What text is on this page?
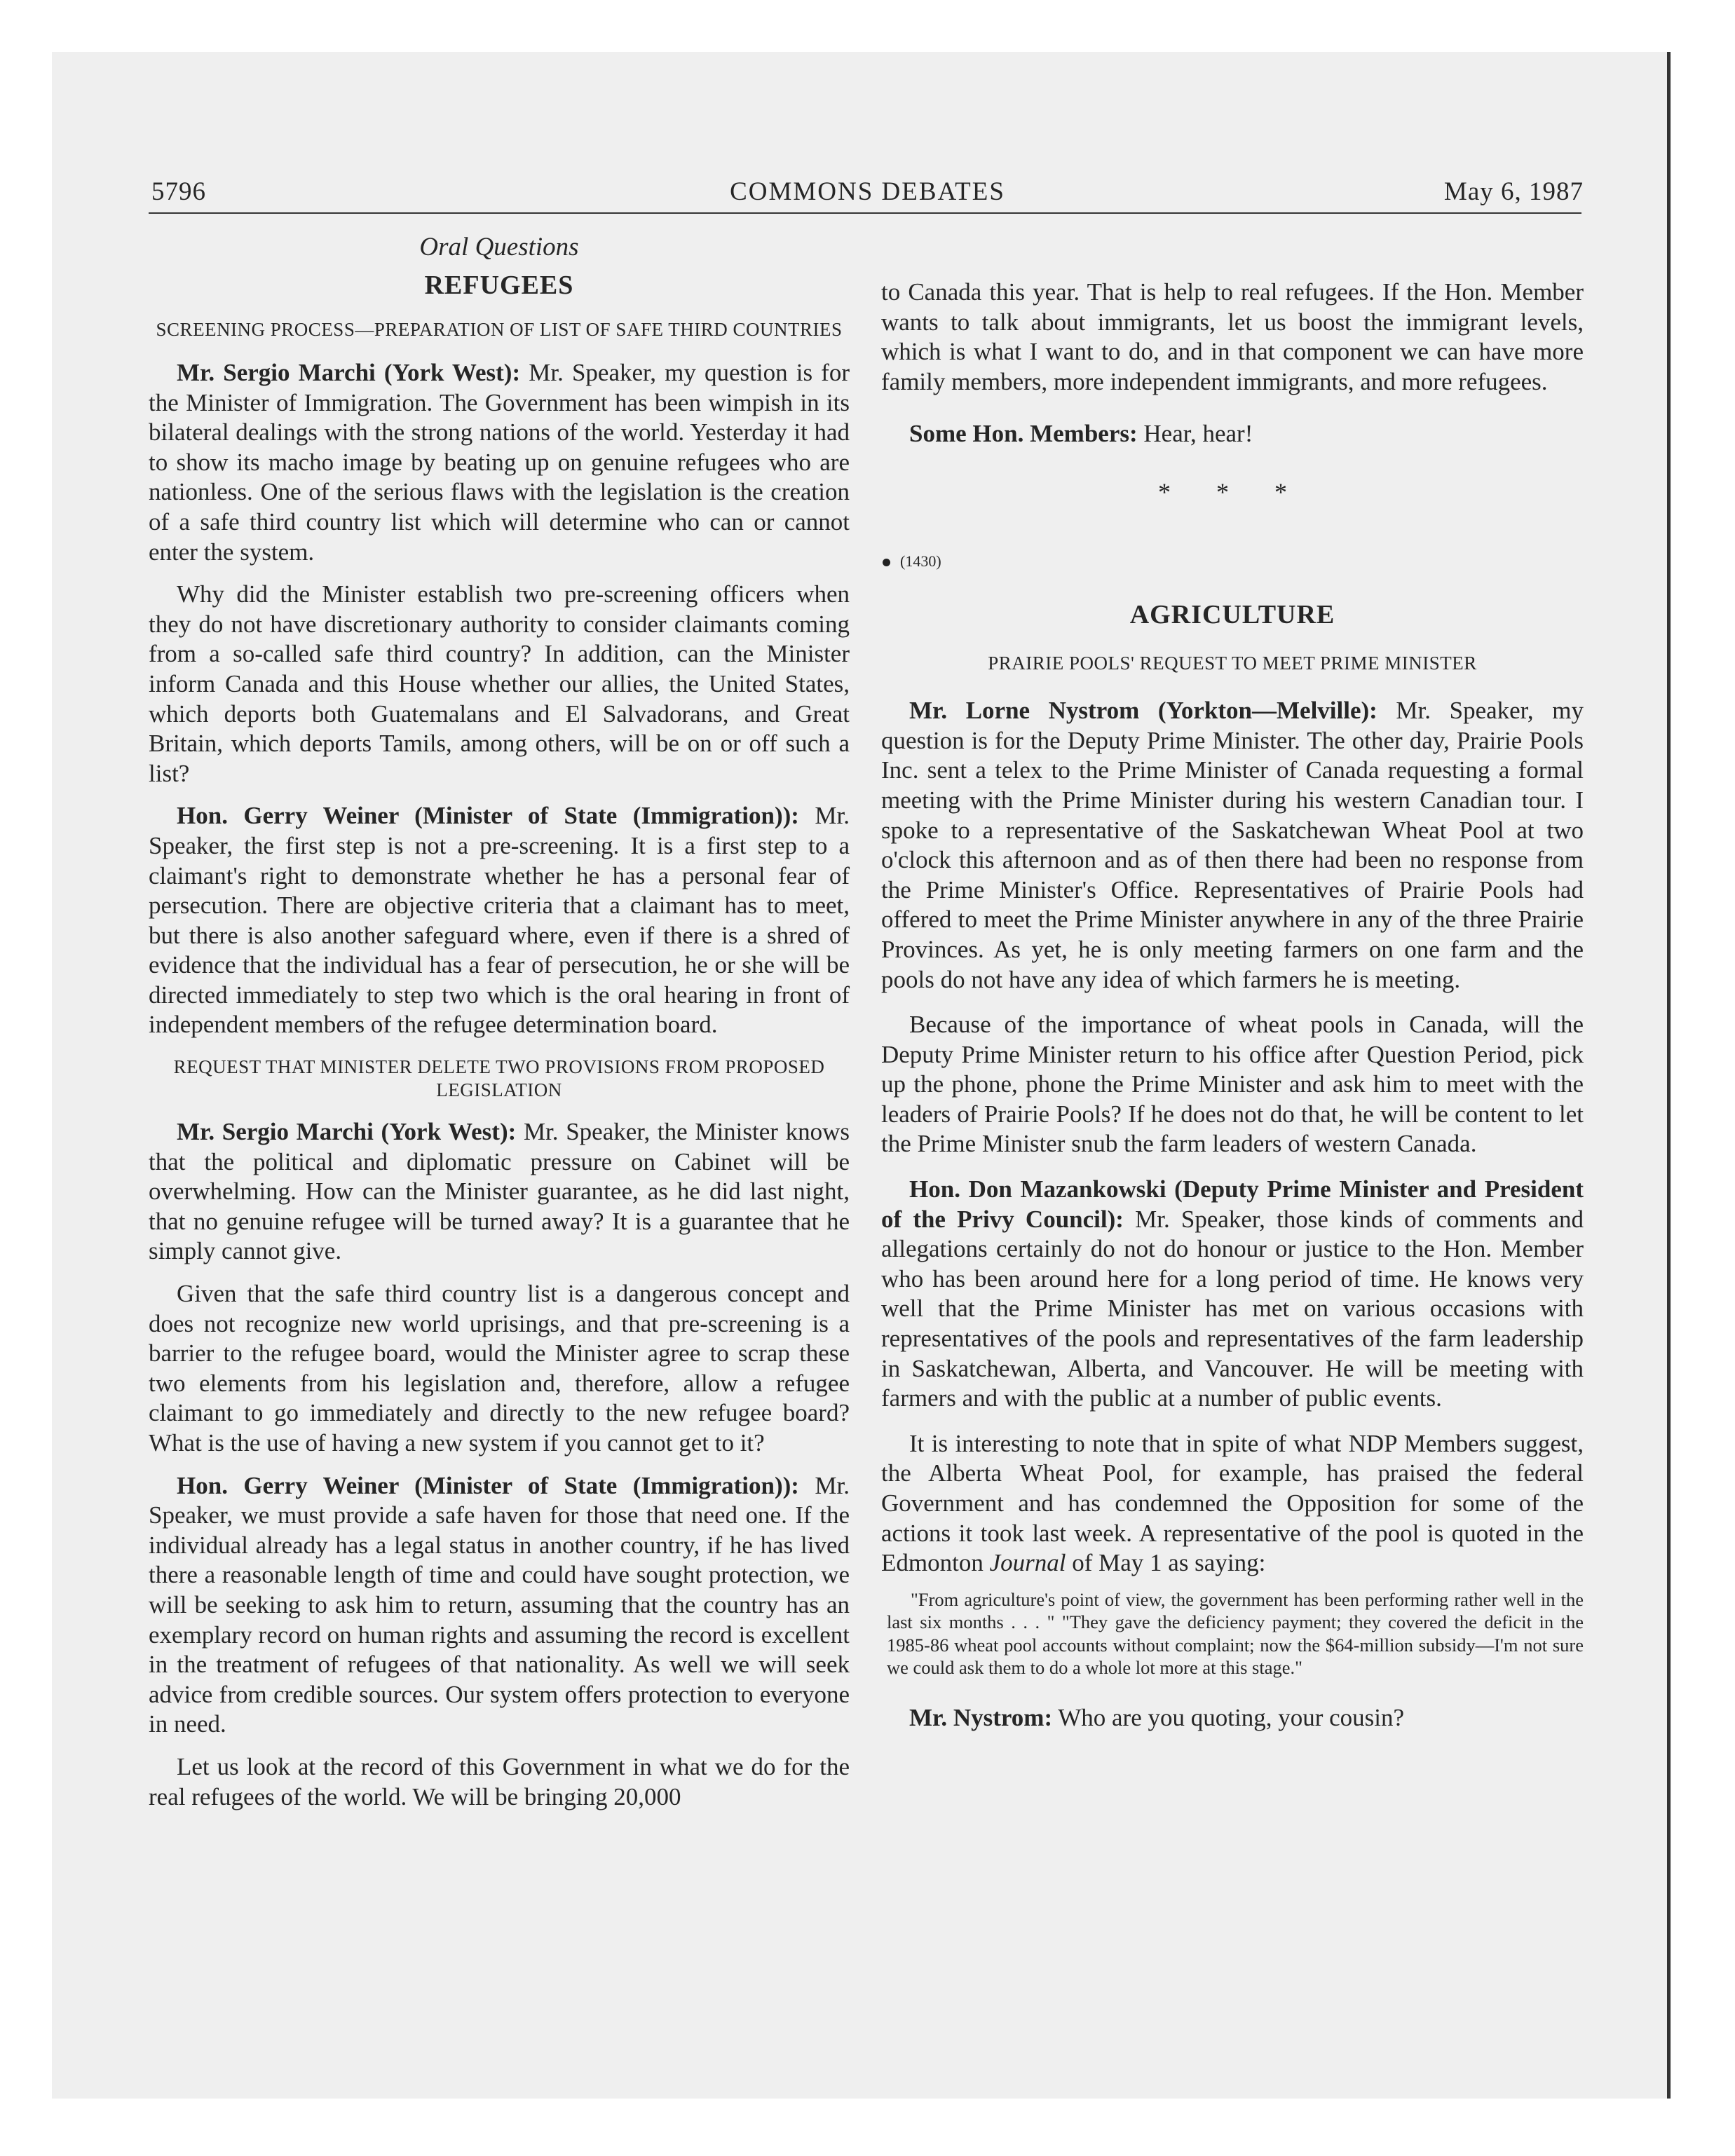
COMMONS DEBATES
5796	May 6, 1987
Oral Questions
REFUGEES
SCREENING PROCESS—PREPARATION OF LIST OF SAFE THIRD COUNTRIES

Mr. Sergio Marchi (York West): Mr. Speaker, my question is for the Minister of Immigration. The Government has been wimpish in its bilateral dealings with the strong nations of the world. Yesterday it had to show its macho image by beating up on genuine refugees who are nationless. One of the serious flaws with the legislation is the creation of a safe third country list which will determine who can or cannot enter the system.

Why did the Minister establish two pre-screening officers when they do not have discretionary authority to consider claimants coming from a so-called safe third country? In addition, can the Minister inform Canada and this House whether our allies, the United States, which deports both Guatemalans and El Salvadorans, and Great Britain, which deports Tamils, among others, will be on or off such a list?

Hon. Gerry Weiner (Minister of State (Immigration)): Mr. Speaker, the first step is not a pre-screening. It is a first step to a claimant's right to demonstrate whether he has a personal fear of persecution. There are objective criteria that a claimant has to meet, but there is also another safeguard where, even if there is a shred of evidence that the individual has a fear of persecution, he or she will be directed immediately to step two which is the oral hearing in front of independent members of the refugee determination board.

REQUEST THAT MINISTER DELETE TWO PROVISIONS FROM PROPOSED LEGISLATION

Mr. Sergio Marchi (York West): Mr. Speaker, the Minister knows that the political and diplomatic pressure on Cabinet will be overwhelming. How can the Minister guarantee, as he did last night, that no genuine refugee will be turned away? It is a guarantee that he simply cannot give.

Given that the safe third country list is a dangerous concept and does not recognize new world uprisings, and that pre-screening is a barrier to the refugee board, would the Minister agree to scrap these two elements from his legislation and, therefore, allow a refugee claimant to go immediately and directly to the new refugee board? What is the use of having a new system if you cannot get to it?

Hon. Gerry Weiner (Minister of State (Immigration)): Mr. Speaker, we must provide a safe haven for those that need one. If the individual already has a legal status in another country, if he has lived there a reasonable length of time and could have sought protection, we will be seeking to ask him to return, assuming that the country has an exemplary record on human rights and assuming the record is excellent in the treatment of refugees of that nationality. As well we will seek advice from credible sources. Our system offers protection to everyone in need.

Let us look at the record of this Government in what we do for the real refugees of the world. We will be bringing 20,000

to Canada this year. That is help to real refugees. If the Hon. Member wants to talk about immigrants, let us boost the immigrant levels, which is what I want to do, and in that component we can have more family members, more independent immigrants, and more refugees.

Some Hon. Members: Hear, hear!

* * *
(1430)
AGRICULTURE
PRAIRIE POOLS' REQUEST TO MEET PRIME MINISTER

Mr. Lorne Nystrom (Yorkton—Melville): Mr. Speaker, my question is for the Deputy Prime Minister. The other day, Prairie Pools Inc. sent a telex to the Prime Minister of Canada requesting a formal meeting with the Prime Minister during his western Canadian tour. I spoke to a representative of the Saskatchewan Wheat Pool at two o'clock this afternoon and as of then there had been no response from the Prime Minister's Office. Representatives of Prairie Pools had offered to meet the Prime Minister anywhere in any of the three Prairie Provinces. As yet, he is only meeting farmers on one farm and the pools do not have any idea of which farmers he is meeting.

Because of the importance of wheat pools in Canada, will the Deputy Prime Minister return to his office after Question Period, pick up the phone, phone the Prime Minister and ask him to meet with the leaders of Prairie Pools? If he does not do that, he will be content to let the Prime Minister snub the farm leaders of western Canada.

Hon. Don Mazankowski (Deputy Prime Minister and President of the Privy Council): Mr. Speaker, those kinds of comments and allegations certainly do not do honour or justice to the Hon. Member who has been around here for a long period of time. He knows very well that the Prime Minister has met on various occasions with representatives of the pools and representatives of the farm leadership in Saskatchewan, Alberta, and Vancouver. He will be meeting with farmers and with the public at a number of public events.

It is interesting to note that in spite of what NDP Members suggest, the Alberta Wheat Pool, for example, has praised the federal Government and has condemned the Opposition for some of the actions it took last week. A representative of the pool is quoted in the Edmonton Journal of May 1 as saying:

"From agriculture's point of view, the government has been performing rather well in the last six months . . . " "They gave the deficiency payment; they covered the deficit in the 1985-86 wheat pool accounts without complaint; now the $64-million subsidy—I'm not sure we could ask them to do a whole lot more at this stage."

Mr. Nystrom: Who are you quoting, your cousin?
